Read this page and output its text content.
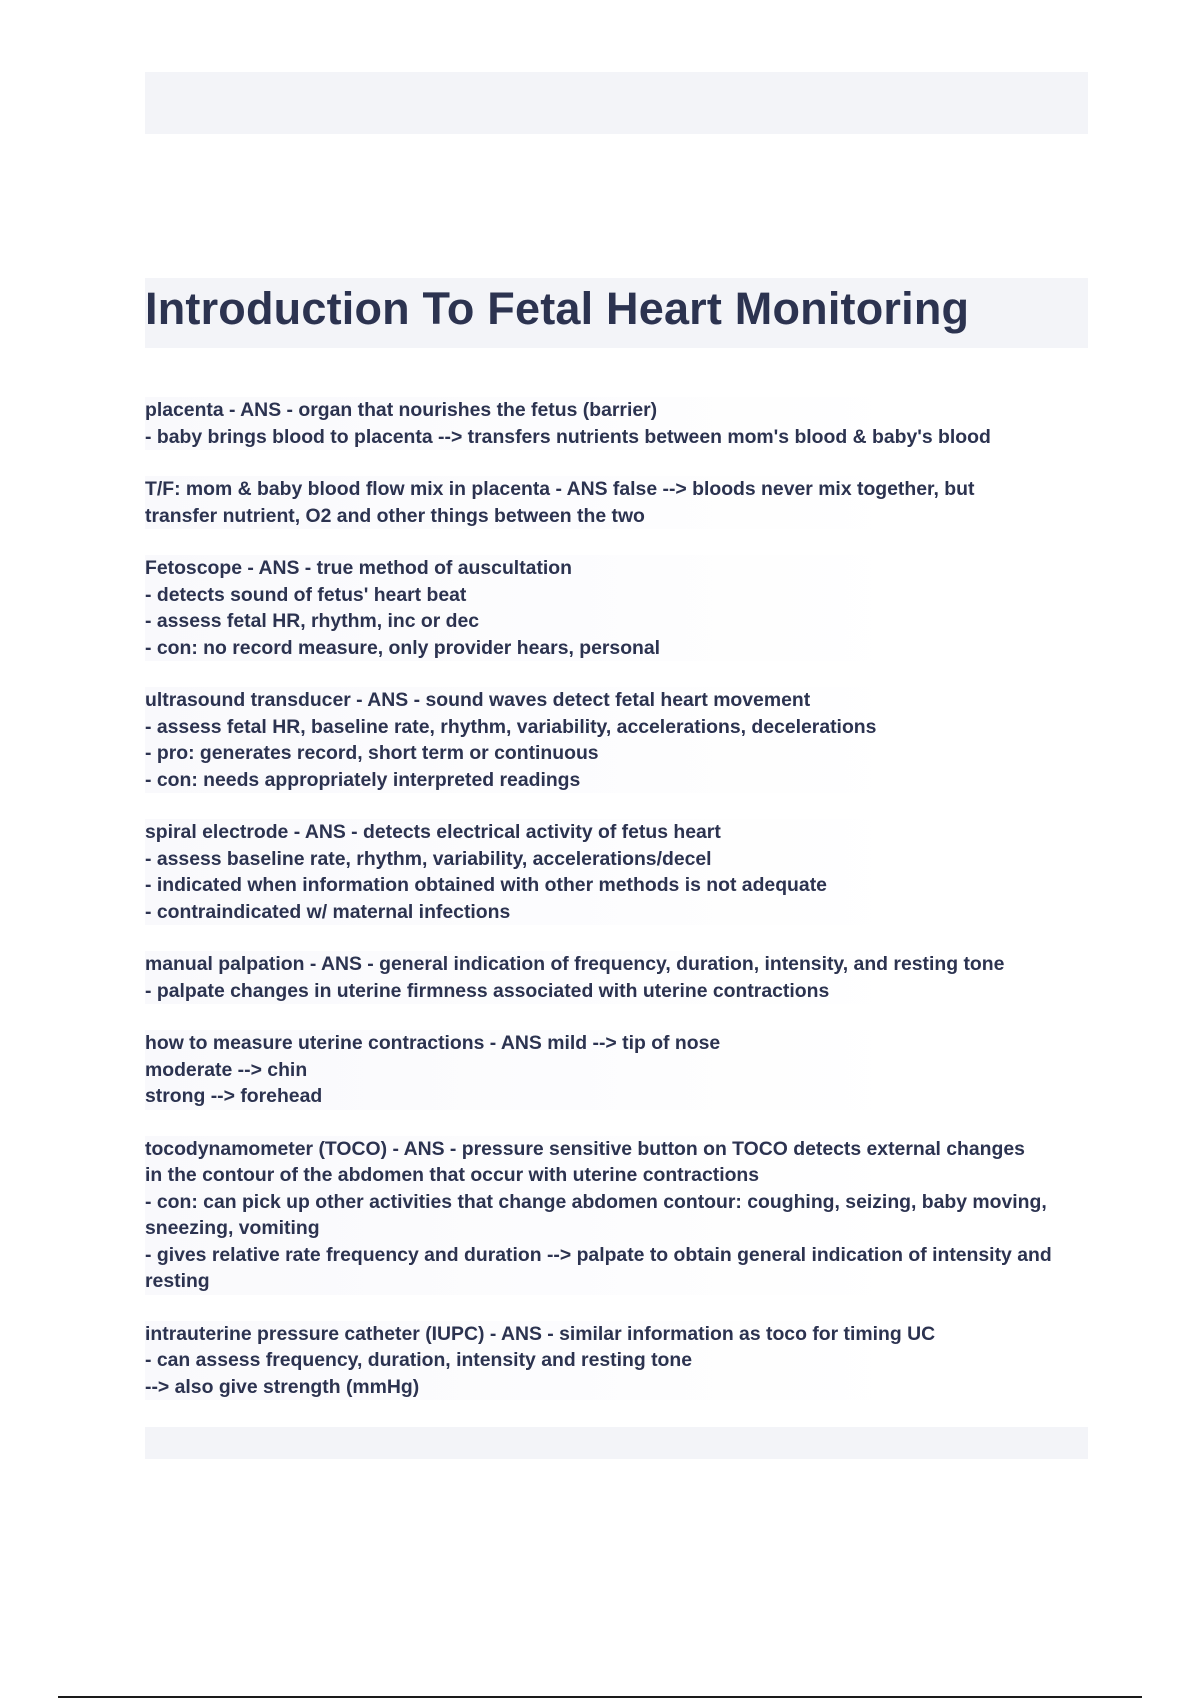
Introduction To Fetal Heart Monitoring
placenta - ANS - organ that nourishes the fetus (barrier)
- baby brings blood to placenta --> transfers nutrients between mom's blood & baby's blood
T/F: mom & baby blood flow mix in placenta - ANS false --> bloods never mix together, but
transfer nutrient, O2 and other things between the two
Fetoscope - ANS - true method of auscultation
- detects sound of fetus' heart beat
- assess fetal HR, rhythm, inc or dec
- con: no record measure, only provider hears, personal
ultrasound transducer - ANS - sound waves detect fetal heart movement
- assess fetal HR, baseline rate, rhythm, variability, accelerations, decelerations
- pro: generates record, short term or continuous
- con: needs appropriately interpreted readings
spiral electrode - ANS - detects electrical activity of fetus heart
- assess baseline rate, rhythm, variability, accelerations/decel
- indicated when information obtained with other methods is not adequate
- contraindicated w/ maternal infections
manual palpation - ANS - general indication of frequency, duration, intensity, and resting tone
- palpate changes in uterine firmness associated with uterine contractions
how to measure uterine contractions - ANS mild --> tip of nose
moderate --> chin
strong --> forehead
tocodynamometer (TOCO) - ANS - pressure sensitive button on TOCO detects external changes
in the contour of the abdomen that occur with uterine contractions
- con: can pick up other activities that change abdomen contour: coughing, seizing, baby moving,
sneezing, vomiting
- gives relative rate frequency and duration --> palpate to obtain general indication of intensity and
resting
intrauterine pressure catheter (IUPC) - ANS - similar information as toco for timing UC
- can assess frequency, duration, intensity and resting tone
--> also give strength (mmHg)
